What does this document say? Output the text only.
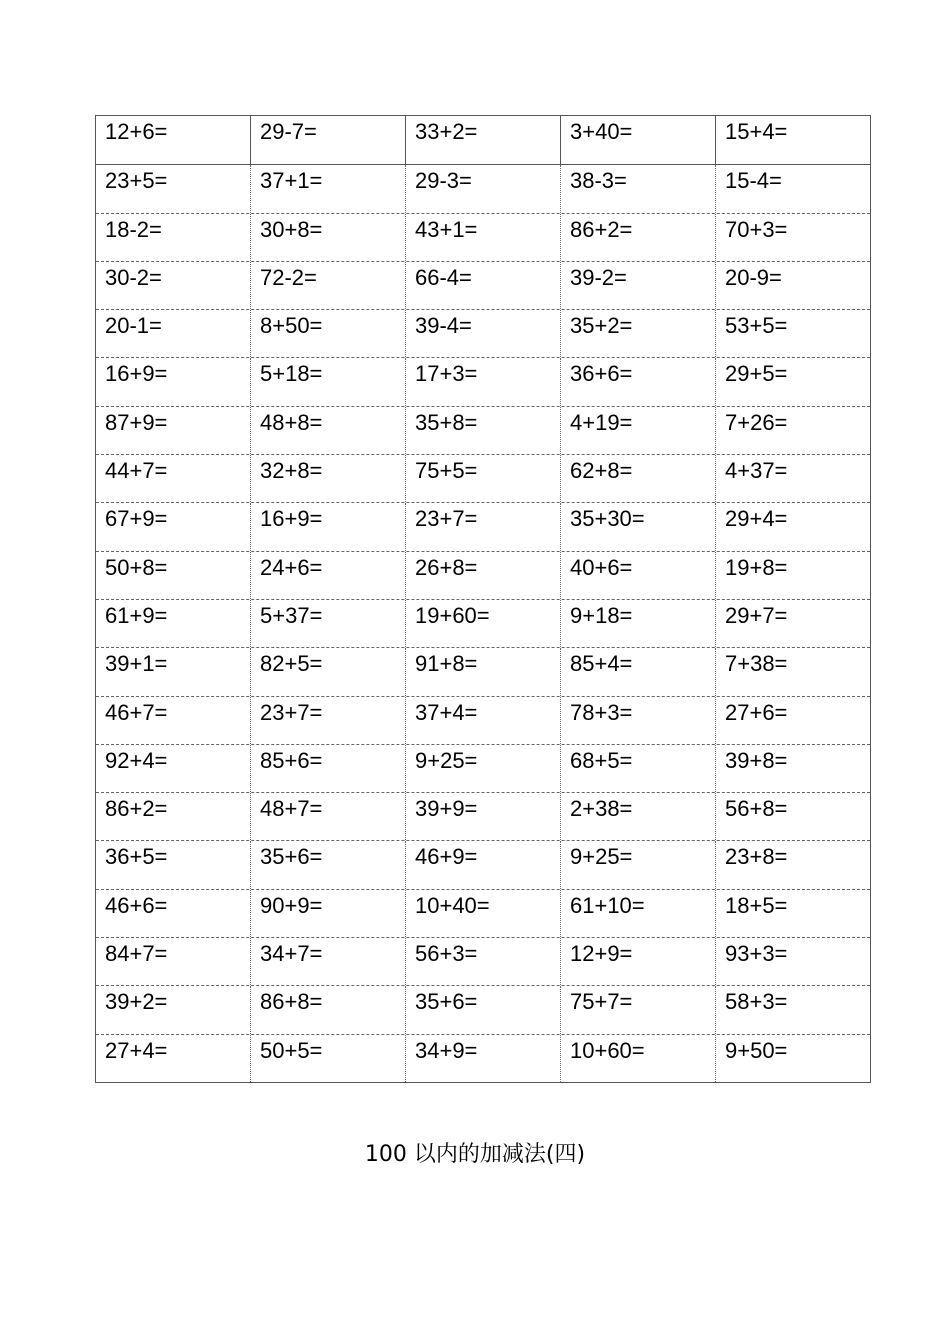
12+6=	29-7=	33+2=	3+40=	15+4=
23+5=	37+1=	29-3=	38-3=	15-4=
18-2=	30+8=	43+1=	86+2=	70+3=
30-2=	72-2=	66-4=	39-2=	20-9=
20-1=	8+50=	39-4=	35+2=	53+5=
16+9=	5+18=	17+3=	36+6=	29+5=
87+9=	48+8=	35+8=	4+19=	7+26=
44+7=	32+8=	75+5=	62+8=	4+37=
67+9=	16+9=	23+7=	35+30=	29+4=
50+8=	24+6=	26+8=	40+6=	19+8=
61+9=	5+37=	19+60=	9+18=	29+7=
39+1=	82+5=	91+8=	85+4=	7+38=
46+7=	23+7=	37+4=	78+3=	27+6=
92+4=	85+6=	9+25=	68+5=	39+8=
86+2=	48+7=	39+9=	2+38=	56+8=
36+5=	35+6=	46+9=	9+25=	23+8=
46+6=	90+9=	10+40=	61+10=	18+5=
84+7=	34+7=	56+3=	12+9=	93+3=
39+2=	86+8=	35+6=	75+7=	58+3=
27+4=	50+5=	34+9=	10+60=	9+50=
100 以内的加减法(四)
